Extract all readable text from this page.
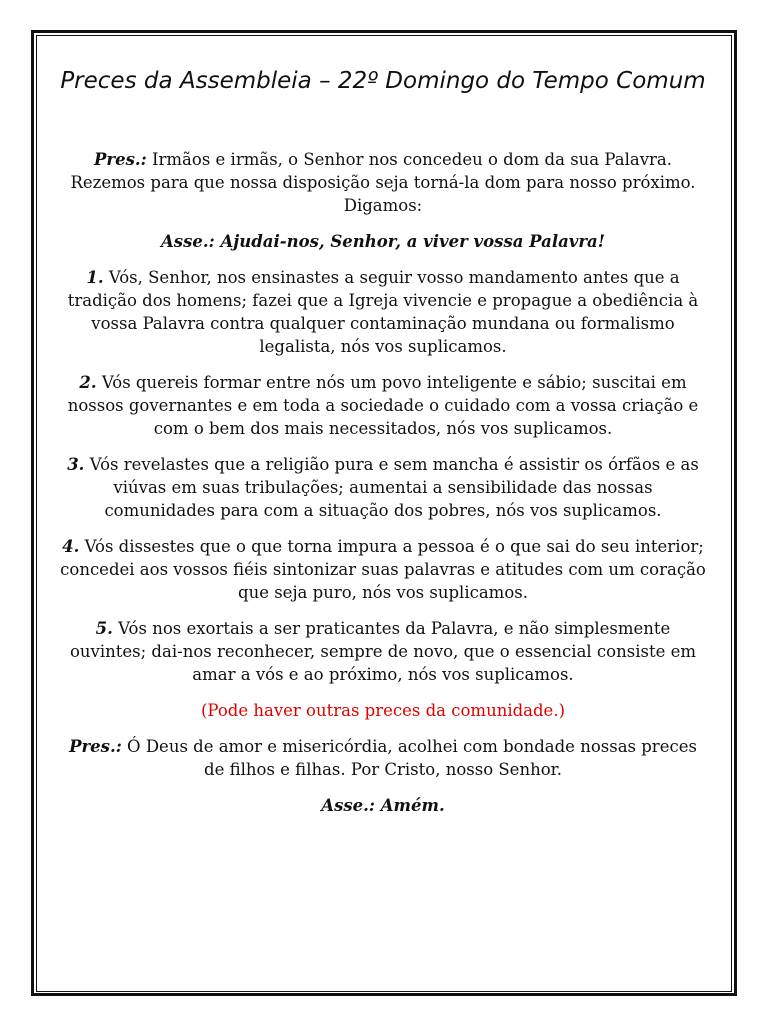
Preces da Assembleia – 22º Domingo do Tempo Comum

Pres.: Irmãos e irmãs, o Senhor nos concedeu o dom da sua Palavra. Rezemos para que nossa disposição seja torná-la dom para nosso próximo. Digamos:

Asse.: Ajudai-nos, Senhor, a viver vossa Palavra!

1. Vós, Senhor, nos ensinastes a seguir vosso mandamento antes que a tradição dos homens; fazei que a Igreja vivencie e propague a obediência à vossa Palavra contra qualquer contaminação mundana ou formalismo legalista, nós vos suplicamos.

2. Vós quereis formar entre nós um povo inteligente e sábio; suscitai em nossos governantes e em toda a sociedade o cuidado com a vossa criação e com o bem dos mais necessitados, nós vos suplicamos.

3. Vós revelastes que a religião pura e sem mancha é assistir os órfãos e as viúvas em suas tribulações; aumentai a sensibilidade das nossas comunidades para com a situação dos pobres, nós vos suplicamos.

4. Vós dissestes que o que torna impura a pessoa é o que sai do seu interior; concedei aos vossos fiéis sintonizar suas palavras e atitudes com um coração que seja puro, nós vos suplicamos.

5. Vós nos exortais a ser praticantes da Palavra, e não simplesmente ouvintes; dai-nos reconhecer, sempre de novo, que o essencial consiste em amar a vós e ao próximo, nós vos suplicamos.

(Pode haver outras preces da comunidade.)

Pres.: Ó Deus de amor e misericórdia, acolhei com bondade nossas preces de filhos e filhas. Por Cristo, nosso Senhor.

Asse.: Amém.
